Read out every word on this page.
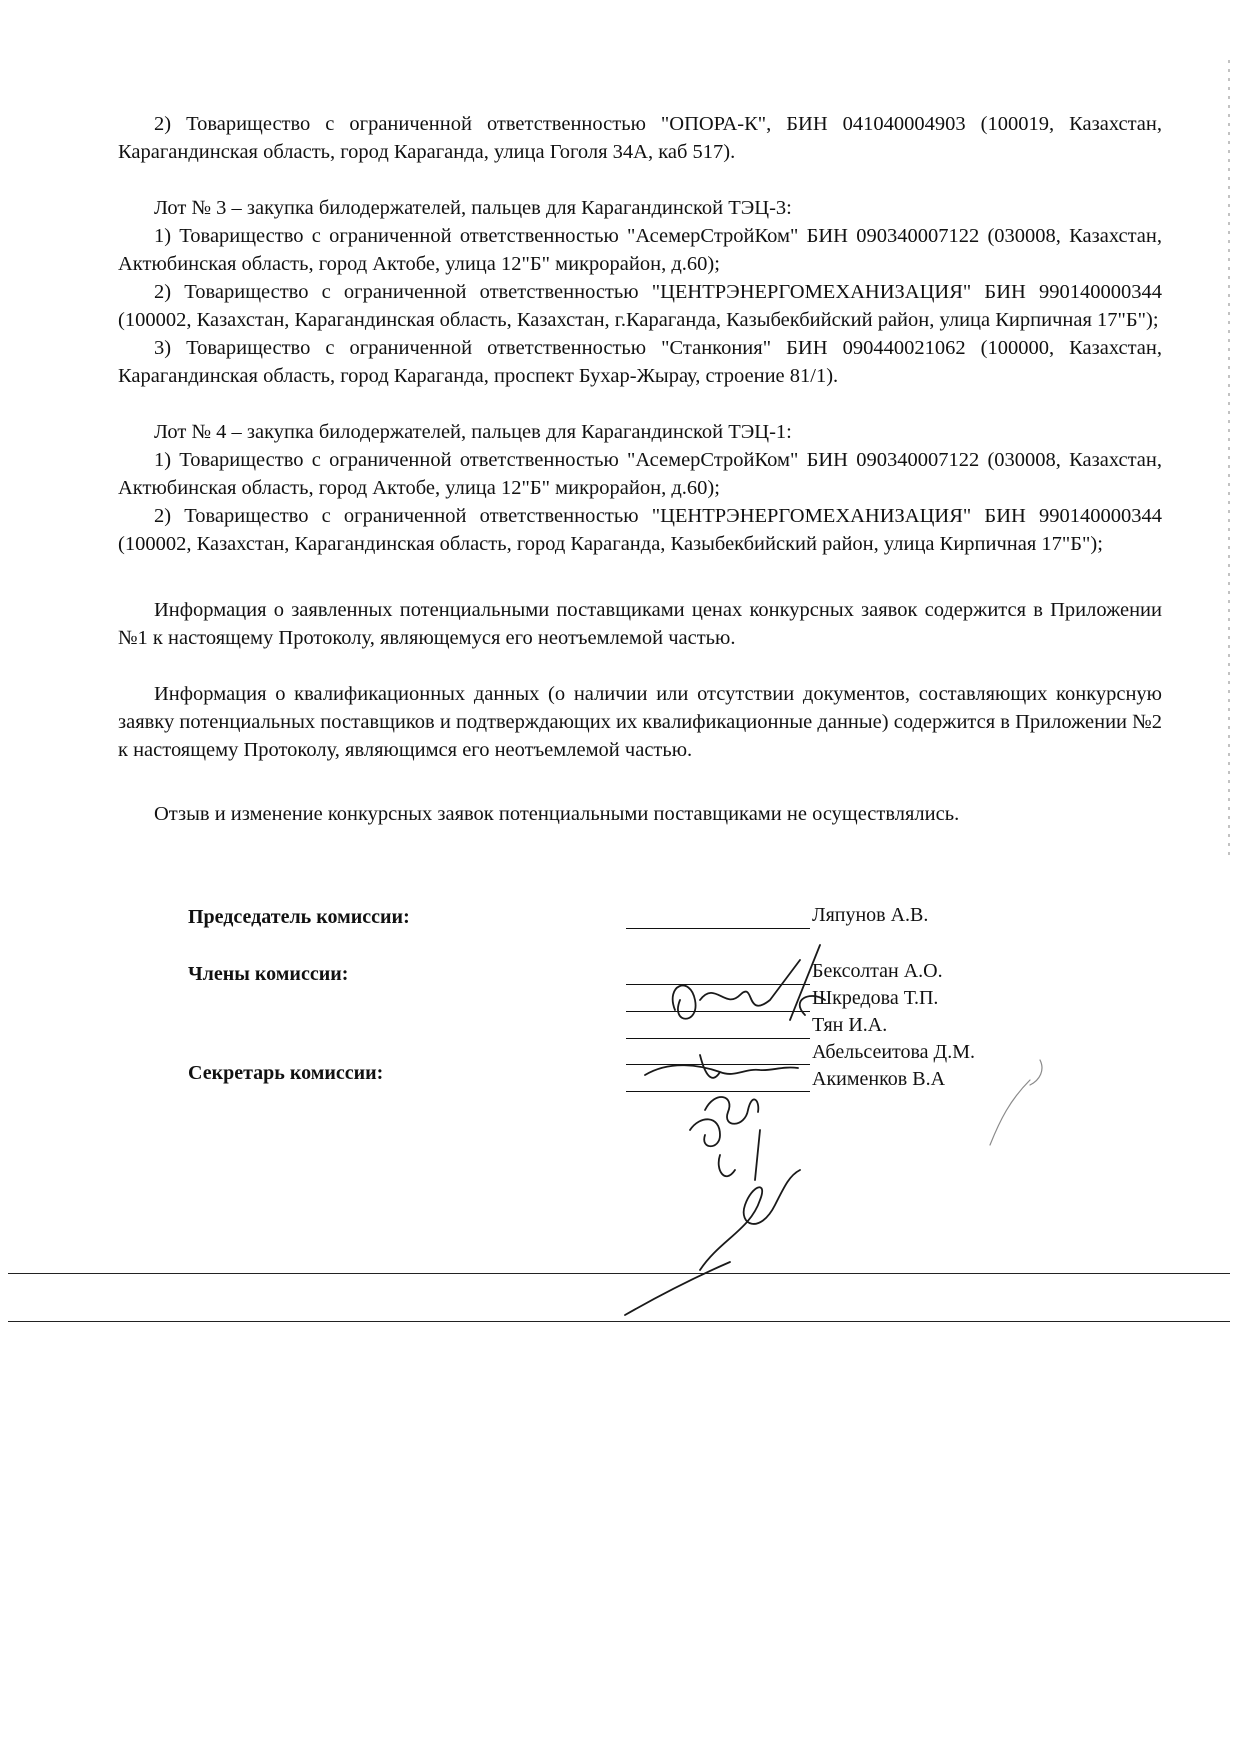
2) Товарищество с ограниченной ответственностью "ОПОРА-К", БИН 041040004903 (100019, Казахстан, Карагандинская область, город Караганда, улица Гоголя 34А, каб 517).

Лот № 3 – закупка билодержателей, пальцев для Карагандинской ТЭЦ-3:

1) Товарищество с ограниченной ответственностью "АсемерСтройКом" БИН 090340007122 (030008, Казахстан, Актюбинская область, город Актобе, улица 12"Б" микрорайон, д.60);

2) Товарищество с ограниченной ответственностью "ЦЕНТРЭНЕРГОМЕХАНИЗАЦИЯ" БИН 990140000344 (100002, Казахстан, Карагандинская область, Казахстан, г.Караганда, Казыбекбийский район, улица Кирпичная 17"Б");

3) Товарищество с ограниченной ответственностью "Станкония" БИН 090440021062 (100000, Казахстан, Карагандинская область, город Караганда, проспект Бухар-Жырау, строение 81/1).

Лот № 4 – закупка билодержателей, пальцев для Карагандинской ТЭЦ-1:

1) Товарищество с ограниченной ответственностью "АсемерСтройКом" БИН 090340007122 (030008, Казахстан, Актюбинская область, город Актобе, улица 12"Б" микрорайон, д.60);

2) Товарищество с ограниченной ответственностью "ЦЕНТРЭНЕРГОМЕХАНИЗАЦИЯ" БИН 990140000344 (100002, Казахстан, Карагандинская область, город Караганда, Казыбекбийский район, улица Кирпичная 17"Б");

Информация о заявленных потенциальными поставщиками ценах конкурсных заявок содержится в Приложении №1 к настоящему Протоколу, являющемуся его неотъемлемой частью.

Информация о квалификационных данных (о наличии или отсутствии документов, составляющих конкурсную заявку потенциальных поставщиков и подтверждающих их квалификационные данные) содержится в Приложении №2 к настоящему Протоколу, являющимся его неотъемлемой частью.

Отзыв и изменение конкурсных заявок потенциальными поставщиками не осуществлялись.

Председатель комиссии:
Члены комиссии:
Секретарь комиссии:
Ляпунов А.В.
Бексолтан А.О.
Шкредова Т.П.
Тян И.А.
Абельсеитова Д.М.
Акименков В.А
